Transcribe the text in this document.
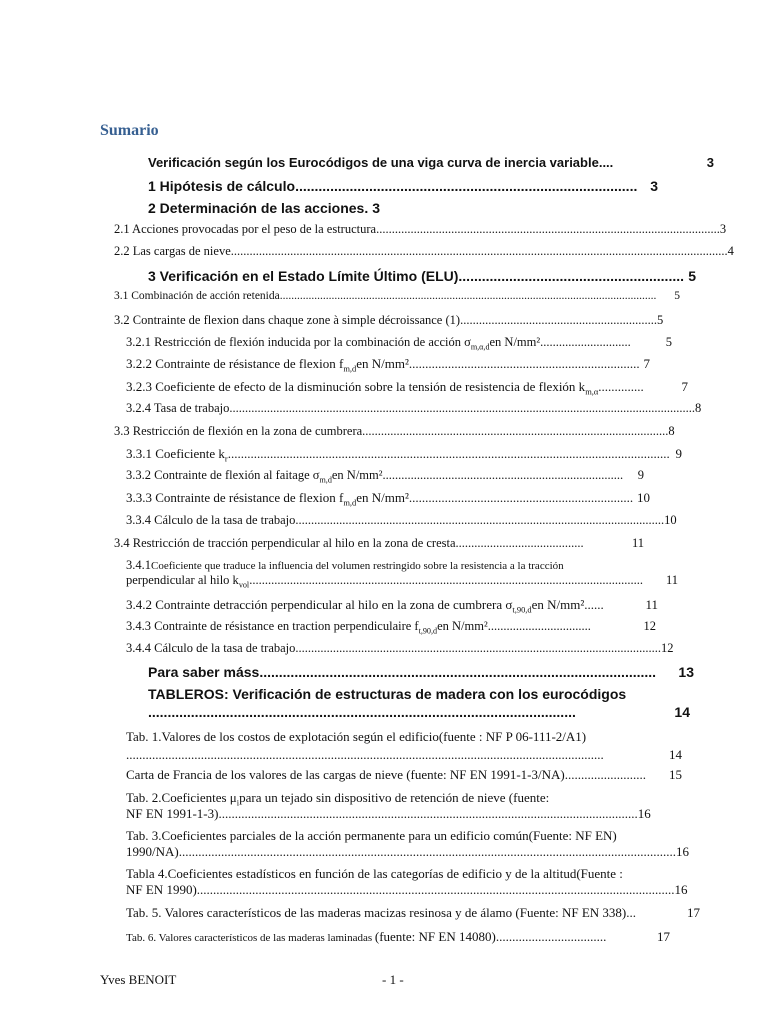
Sumario
Verificación según los Eurocódigos de una viga curva de inercia variable ....	3
1 Hipótesis de cálculo ........................................................................................ 3
2 Determinación de las acciones. 3
2.1 Acciones provocadas por el peso de la estructura .............................................................................................................. 3
2.2 Las cargas de nieve ............................................................................................................................................................... 4
3 Verificación en el Estado Límite Último (ELU) .......................................................... 5
3.1 Combinación de acción retenida. ..................................................................................................................................	5
3.2 Contrainte de flexion dans chaque zone à simple décroissance (1) ............................................................... 5
3.2.1 Restricción de flexión inducida por la combinación de acción $\sigma_{m,\alpha,d}en$ N/mm² .............................	5
3.2.2 Contrainte de résistance de flexion $f_{m,d}en$ N/mm². ...................................................................... 7
3.2.3 Coeficiente de efecto de la disminución sobre la tensión de resistencia de flexión $k_{m,\alpha}$ ..............	7
3.2.4 Tasa de trabajo ..................................................................................................................................................... 8
3.3 Restricción de flexión en la zona de cumbrera .................................................................................................. 8
3.3.1 Coeficiente $k_r$ ........................................................................................................................................ 9
3.3.2 Contrainte de flexión al faitage $\sigma_{m,d}en$ N/mm². ............................................................................	9
3.3.3 Contrainte de résistance de flexion $f_{m,d}en$ N/mm². .................................................................... 10
3.3.4 Cálculo de la tasa de trabajo ...................................................................................................................... 10
3.4 Restricción de tracción perpendicular al hilo en la zona de cresta .........................................	11
3.4.1Coeficiente que traduce la influencia del volumen restringido sobre la resistencia a la tracción
perpendicular al hilo $k_{vol}$. .............................................................................................................................	11
3.4.2 Contrainte detracción perpendicular al hilo en la zona de cumbrera $\sigma_{t,90,d}en$ N/mm² ......	11
3.4.3 Contrainte de résistance en traction perpendiculaire $f_{t,90,d}en$ N/mm² .................................	12
3.4.4 Cálculo de la tasa de trabajo ..................................................................................................................... 12
Para saber máss ......................................................................................................	13
TABLEROS: Verificación de estructuras de madera con los eurocódigos
..............................................................................................................	14
Tab. 1.Valores de los costos de explotación según el edificio(fuente : NF P 06-111-2/A1)
...................................................................................................................................................	14
Carta de Francia de los valores de las cargas de nieve (fuente: NF EN 1991-1-3/NA) .........................	15
Tab. 2.Coeficientes $\mu_ipara$ un tejado sin dispositivo de retención de nieve (fuente:
NF EN 1991-1-3) ................................................................................................................................. 16
Tab. 3.Coeficientes parciales de la acción permanente para un edificio común(Fuente: NF EN)
1990/NA) ......................................................................................................................................................... 16
Tabla 4.Coeficientes estadísticos en función de las categorías de edificio y de la altitud(Fuente :
NF EN 1990) ................................................................................................................................................... 16
Tab. 5. Valores característicos de las maderas macizas resinosa y de álamo (Fuente: NF EN 338) ...	17
Tab. 6. Valores característicos de las maderas laminadas (fuente: NF EN 14080) ..................................	17
Yves BENOIT	- 1 -
